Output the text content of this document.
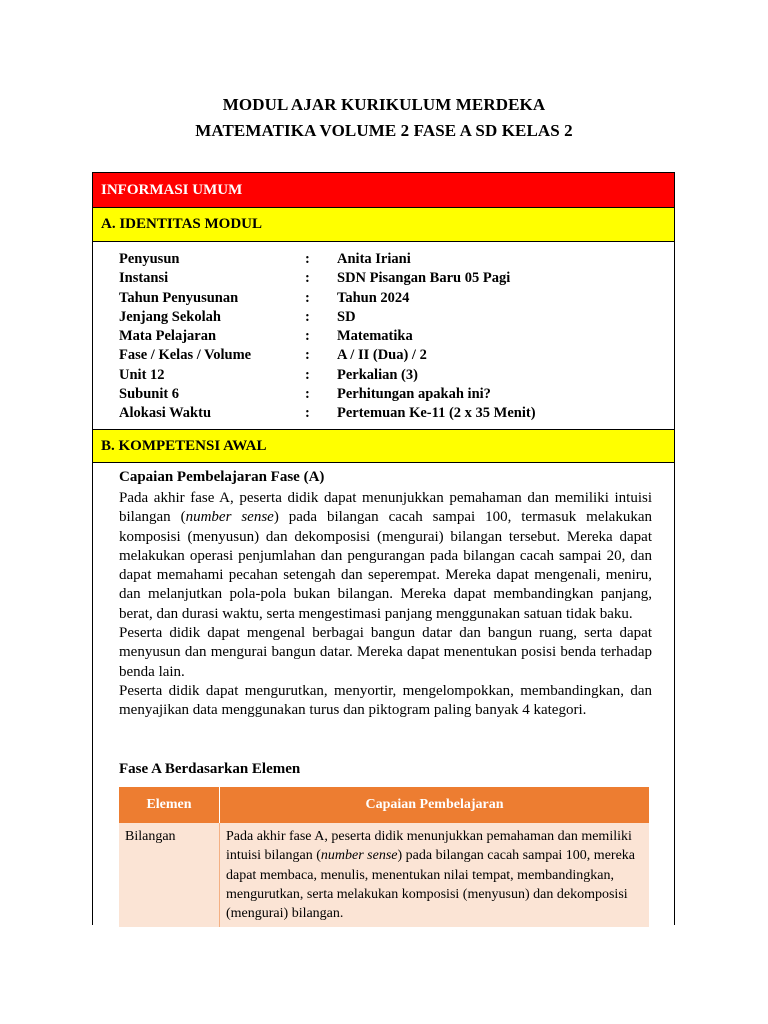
MODUL AJAR KURIKULUM MERDEKA
MATEMATIKA VOLUME 2 FASE A SD KELAS 2
INFORMASI UMUM
A. IDENTITAS MODUL
Penyusun	: Anita Iriani
Instansi	: SDN Pisangan Baru 05 Pagi
Tahun Penyusunan	: Tahun 2024
Jenjang Sekolah	: SD
Mata Pelajaran	: Matematika
Fase / Kelas / Volume	: A / II (Dua) / 2
Unit 12	: Perkalian (3)
Subunit 6	: Perhitungan apakah ini?
Alokasi Waktu	: Pertemuan Ke-11 (2 x 35 Menit)
B. KOMPETENSI AWAL
Capaian Pembelajaran Fase (A)

Pada akhir fase A, peserta didik dapat menunjukkan pemahaman dan memiliki intuisi bilangan (number sense) pada bilangan cacah sampai 100, termasuk melakukan komposisi (menyusun) dan dekomposisi (mengurai) bilangan tersebut. Mereka dapat melakukan operasi penjumlahan dan pengurangan pada bilangan cacah sampai 20, dan dapat memahami pecahan setengah dan seperempat. Mereka dapat mengenali, meniru, dan melanjutkan pola-pola bukan bilangan. Mereka dapat membandingkan panjang, berat, dan durasi waktu, serta mengestimasi panjang menggunakan satuan tidak baku.

Peserta didik dapat mengenal berbagai bangun datar dan bangun ruang, serta dapat menyusun dan mengurai bangun datar. Mereka dapat menentukan posisi benda terhadap benda lain.

Peserta didik dapat mengurutkan, menyortir, mengelompokkan, membandingkan, dan menyajikan data menggunakan turus dan piktogram paling banyak 4 kategori.

Fase A Berdasarkan Elemen
Elemen	Capaian Pembelajaran
Bilangan	Pada akhir fase A, peserta didik menunjukkan pemahaman dan memiliki intuisi bilangan (number sense) pada bilangan cacah sampai 100, mereka dapat membaca, menulis, menentukan nilai tempat, membandingkan, mengurutkan, serta melakukan komposisi (menyusun) dan dekomposisi (mengurai) bilangan.
